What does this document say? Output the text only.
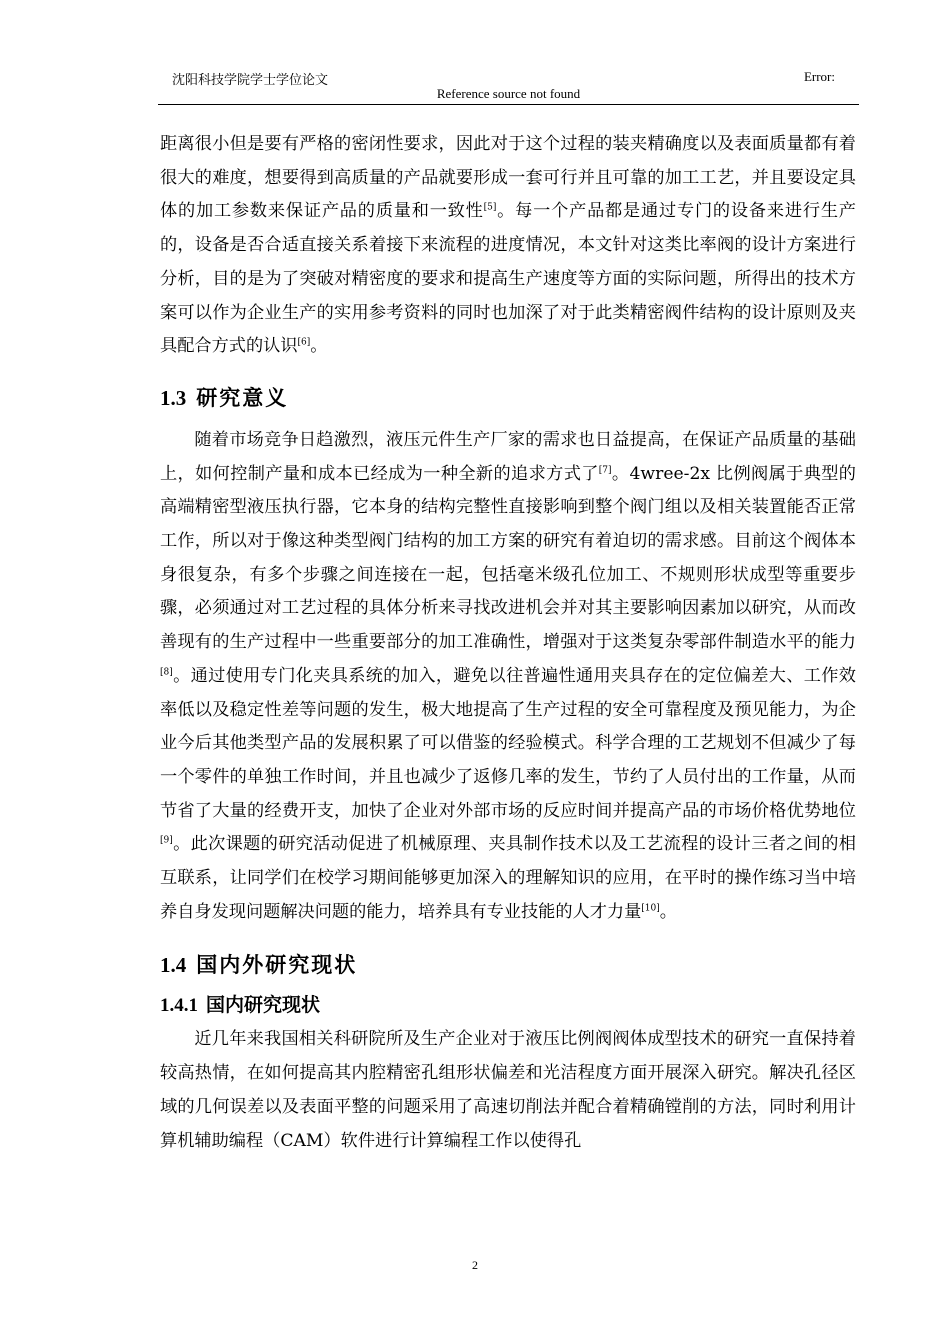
沈阳科技学院学士学位论文	Error:
Reference source not found

距离很小但是要有严格的密闭性要求，因此对于这个过程的装夹精确度以及表面质量都有着很大的难度，想要得到高质量的产品就要形成一套可行并且可靠的加工工艺，并且要设定具体的加工参数来保证产品的质量和一致性[5]。每一个产品都是通过专门的设备来进行生产的，设备是否合适直接关系着接下来流程的进度情况，本文针对这类比率阀的设计方案进行分析，目的是为了突破对精密度的要求和提高生产速度等方面的实际问题，所得出的技术方案可以作为企业生产的实用参考资料的同时也加深了对于此类精密阀件结构的设计原则及夹具配合方式的认识[6]。

1.3 研究意义

随着市场竞争日趋激烈，液压元件生产厂家的需求也日益提高，在保证产品质量的基础上，如何控制产量和成本已经成为一种全新的追求方式了[7]。4wree-2x 比例阀属于典型的高端精密型液压执行器，它本身的结构完整性直接影响到整个阀门组以及相关装置能否正常工作，所以对于像这种类型阀门结构的加工方案的研究有着迫切的需求感。目前这个阀体本身很复杂，有多个步骤之间连接在一起，包括毫米级孔位加工、不规则形状成型等重要步骤，必须通过对工艺过程的具体分析来寻找改进机会并对其主要影响因素加以研究，从而改善现有的生产过程中一些重要部分的加工准确性，增强对于这类复杂零部件制造水平的能力[8]。通过使用专门化夹具系统的加入，避免以往普遍性通用夹具存在的定位偏差大、工作效率低以及稳定性差等问题的发生，极大地提高了生产过程的安全可靠程度及预见能力，为企业今后其他类型产品的发展积累了可以借鉴的经验模式。科学合理的工艺规划不但减少了每一个零件的单独工作时间，并且也减少了返修几率的发生，节约了人员付出的工作量，从而节省了大量的经费开支，加快了企业对外部市场的反应时间并提高产品的市场价格优势地位[9]。此次课题的研究活动促进了机械原理、夹具制作技术以及工艺流程的设计三者之间的相互联系，让同学们在校学习期间能够更加深入的理解知识的应用，在平时的操作练习当中培养自身发现问题解决问题的能力，培养具有专业技能的人才力量[10]。

1.4 国内外研究现状
1.4.1 国内研究现状

近几年来我国相关科研院所及生产企业对于液压比例阀阀体成型技术的研究一直保持着较高热情，在如何提高其内腔精密孔组形状偏差和光洁程度方面开展深入研究。解决孔径区域的几何误差以及表面平整的问题采用了高速切削法并配合着精确镗削的方法，同时利用计算机辅助编程（CAM）软件进行计算编程工作以使得孔

2
